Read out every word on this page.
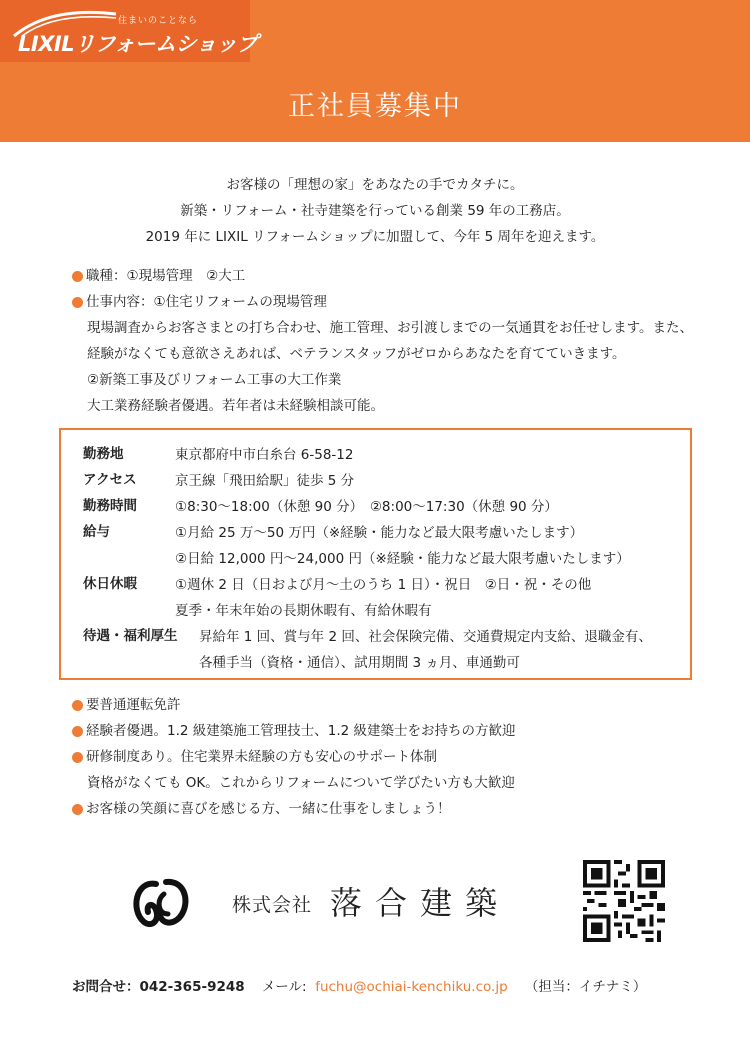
住まいのことなら
LIXILリフォームショップ
正社員募集中
お客様の「理想の家」をあなたの手でカタチに。
新築・リフォーム・社寺建築を行っている創業 59 年の工務店。
2019 年に LIXIL リフォームショップに加盟して、今年 5 周年を迎えます。
職種：①現場管理　②大工
仕事内容：①住宅リフォームの現場管理
現場調査からお客さまとの打ち合わせ、施工管理、お引渡しまでの一気通貫をお任せします。また、
経験がなくても意欲さえあれば、ベテランスタッフがゼロからあなたを育てていきます。
②新築工事及びリフォーム工事の大工作業
大工業務経験者優遇。若年者は未経験相談可能。
勤務地	東京都府中市白糸台 6-58-12
アクセス	京王線「飛田給駅」徒歩 5 分
勤務時間	①8:30～18:00（休憩 90 分）　②8:00～17:30（休憩 90 分）
給与	①月給 25 万～50 万円（※経験・能力など最大限考慮いたします）
②日給 12,000 円～24,000 円（※経験・能力など最大限考慮いたします）
休日休暇	①週休 2 日（日および月～土のうち 1 日）・祝日　②日・祝・その他
夏季・年末年始の長期休暇有、有給休暇有
待遇・福利厚生	昇給年 1 回、賞与年 2 回、社会保険完備、交通費規定内支給、退職金有、
各種手当（資格・通信）、試用期間 3 ヵ月、車通勤可
要普通運転免許
経験者優遇。1.2 級建築施工管理技士、1.2 級建築士をお持ちの方歓迎
研修制度あり。住宅業界未経験の方も安心のサポート体制
資格がなくても OK。これからリフォームについて学びたい方も大歓迎
お客様の笑顔に喜びを感じる方、一緒に仕事をしましょう！
株式会社 落合建築
お問合せ：042-365-9248 メール: fuchu@ochiai-kenchiku.co.jp （担当：イチナミ）
